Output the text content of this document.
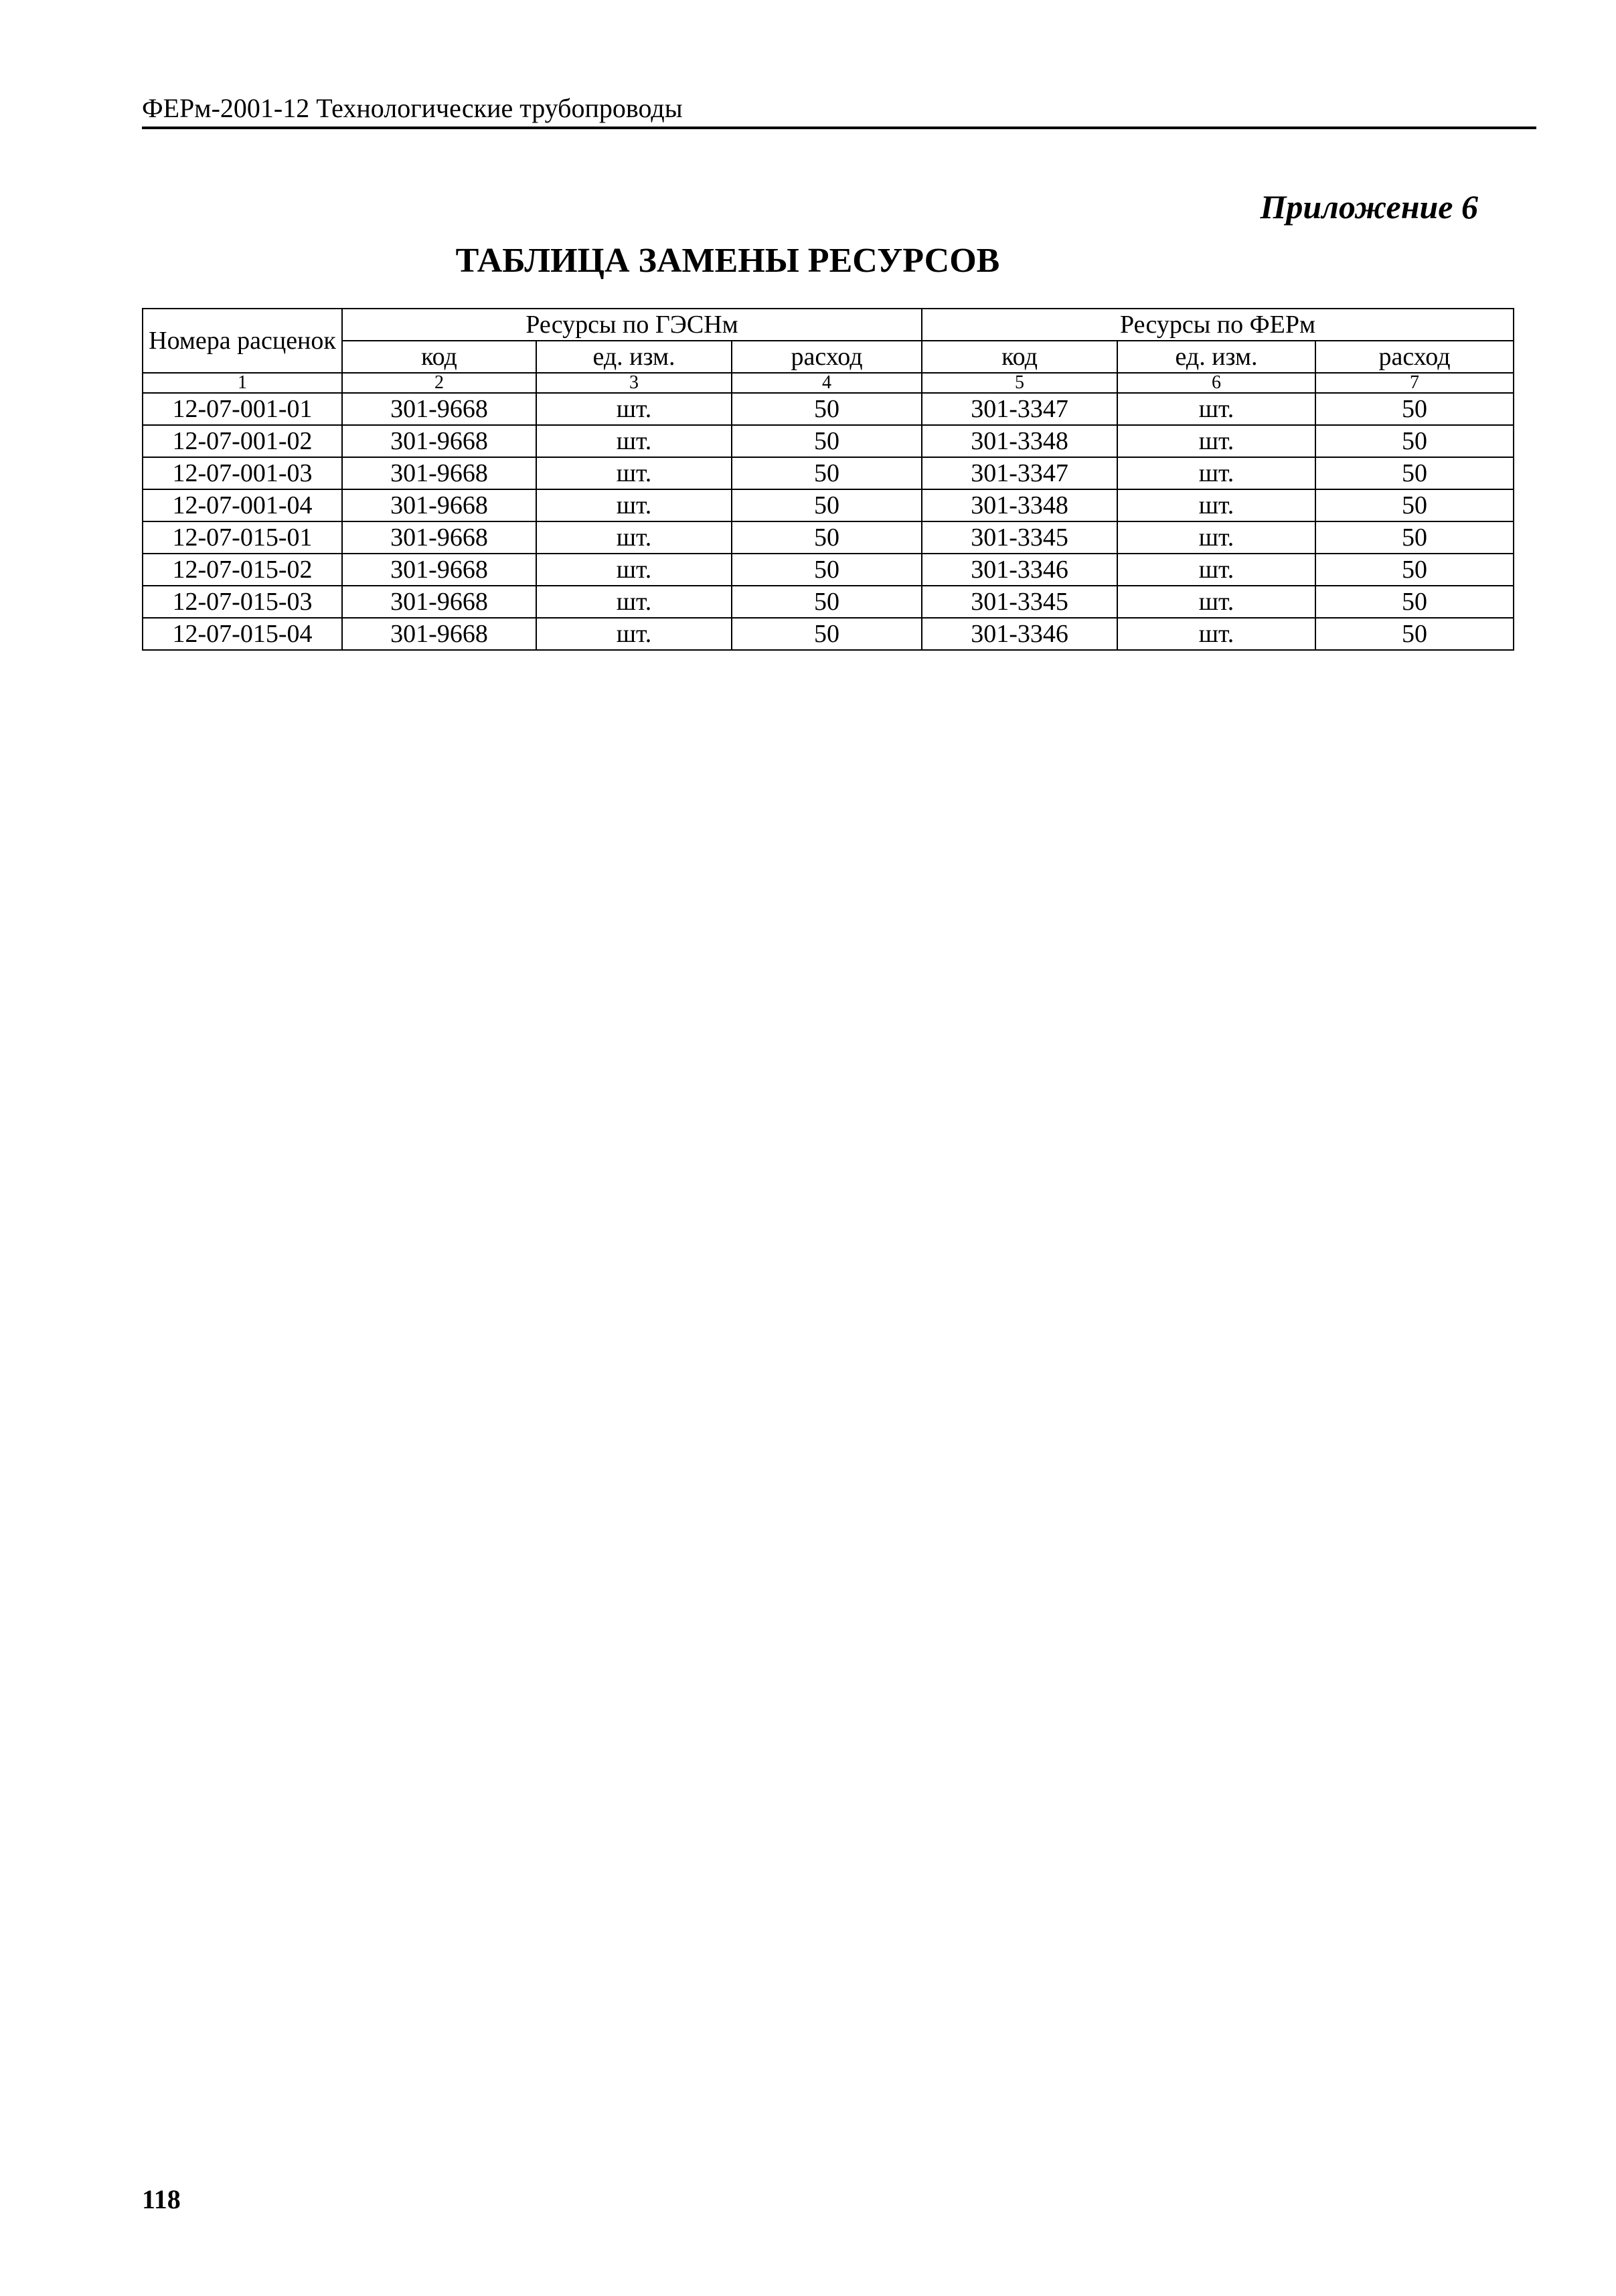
ФЕРм-2001-12 Технологические трубопроводы
Приложение 6
ТАБЛИЦА ЗАМЕНЫ РЕСУРСОВ
Номера расценок	Ресурсы по ГЭСНм			Ресурсы по ФЕРм		
	код	ед. изм.	расход	код	ед. изм.	расход
1	2	3	4	5	6	7
12-07-001-01	301-9668	шт.	50	301-3347	шт.	50
12-07-001-02	301-9668	шт.	50	301-3348	шт.	50
12-07-001-03	301-9668	шт.	50	301-3347	шт.	50
12-07-001-04	301-9668	шт.	50	301-3348	шт.	50
12-07-015-01	301-9668	шт.	50	301-3345	шт.	50
12-07-015-02	301-9668	шт.	50	301-3346	шт.	50
12-07-015-03	301-9668	шт.	50	301-3345	шт.	50
12-07-015-04	301-9668	шт.	50	301-3346	шт.	50
118
